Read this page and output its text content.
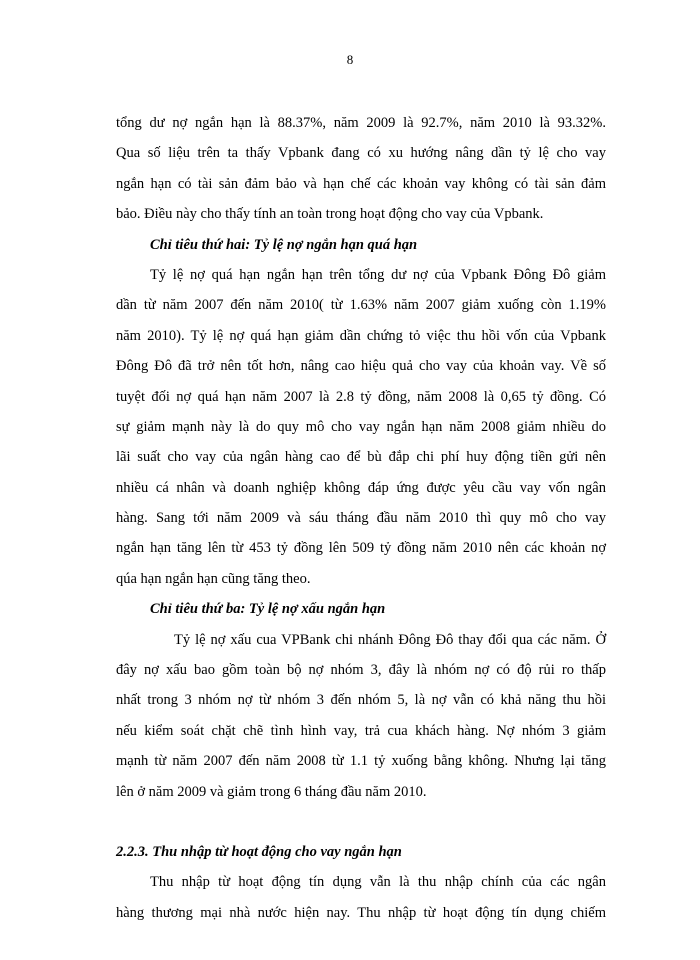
8
tổng dư nợ ngắn hạn là 88.37%, năm 2009 là 92.7%, năm 2010 là 93.32%.
Qua số liệu trên ta thấy Vpbank đang có xu hướng nâng dần tỷ lệ cho vay
ngắn hạn có tài sản đảm bảo và hạn chế các khoản vay không có tài sản đảm
bảo. Điều này cho thấy tính an toàn trong hoạt động cho vay của Vpbank.
Chỉ tiêu thứ hai: Tỷ lệ nợ ngắn hạn quá hạn
Tỷ lệ nợ quá hạn ngắn hạn trên tổng dư nợ của Vpbank Đông Đô giảm
dần từ năm 2007 đến năm 2010( từ 1.63% năm 2007 giảm xuống còn 1.19%
năm 2010). Tỷ lệ nợ quá hạn giảm dần chứng tỏ việc thu hồi vốn của Vpbank
Đông Đô đã trở nên tốt hơn, nâng cao hiệu quả cho vay của khoản vay. Về số
tuyệt đối nợ quá hạn năm 2007 là 2.8 tỷ đồng, năm 2008 là 0,65 tỷ đồng. Có
sự giảm mạnh này là do quy mô cho vay ngắn hạn năm 2008 giảm nhiều do
lãi suất cho vay của ngân hàng cao để bù đắp chi phí huy động tiền gửi nên
nhiều cá nhân và doanh nghiệp không đáp ứng được yêu cầu vay vốn ngân
hàng. Sang tới năm 2009 và sáu tháng đầu năm 2010 thì quy mô cho vay
ngắn hạn tăng lên từ 453 tỷ đồng lên 509 tỷ đồng năm 2010 nên các khoản nợ
qúa hạn ngắn hạn cũng tăng theo.
Chỉ tiêu thứ ba: Tỷ lệ nợ xấu ngắn hạn
Tỷ lệ nợ xấu cua VPBank chi nhánh Đông Đô thay đổi qua các năm. Ở
đây nợ xấu bao gồm toàn bộ nợ nhóm 3, đây là nhóm nợ có độ rủi ro thấp
nhất trong 3 nhóm nợ từ nhóm 3 đến nhóm 5, là nợ vẫn có khả năng thu hồi
nếu kiểm soát chặt chẽ tình hình vay, trả cua khách hàng. Nợ nhóm 3 giảm
mạnh từ năm 2007 đến năm 2008 từ 1.1 tỷ xuống bằng không. Nhưng lại tăng
lên ở năm 2009 và giảm trong 6 tháng đầu năm 2010.
2.2.3. Thu nhập từ hoạt động cho vay ngắn hạn
Thu nhập từ hoạt động tín dụng vẫn là thu nhập chính của các ngân
hàng thương mại nhà nước hiện nay. Thu nhập từ hoạt động tín dụng chiếm
